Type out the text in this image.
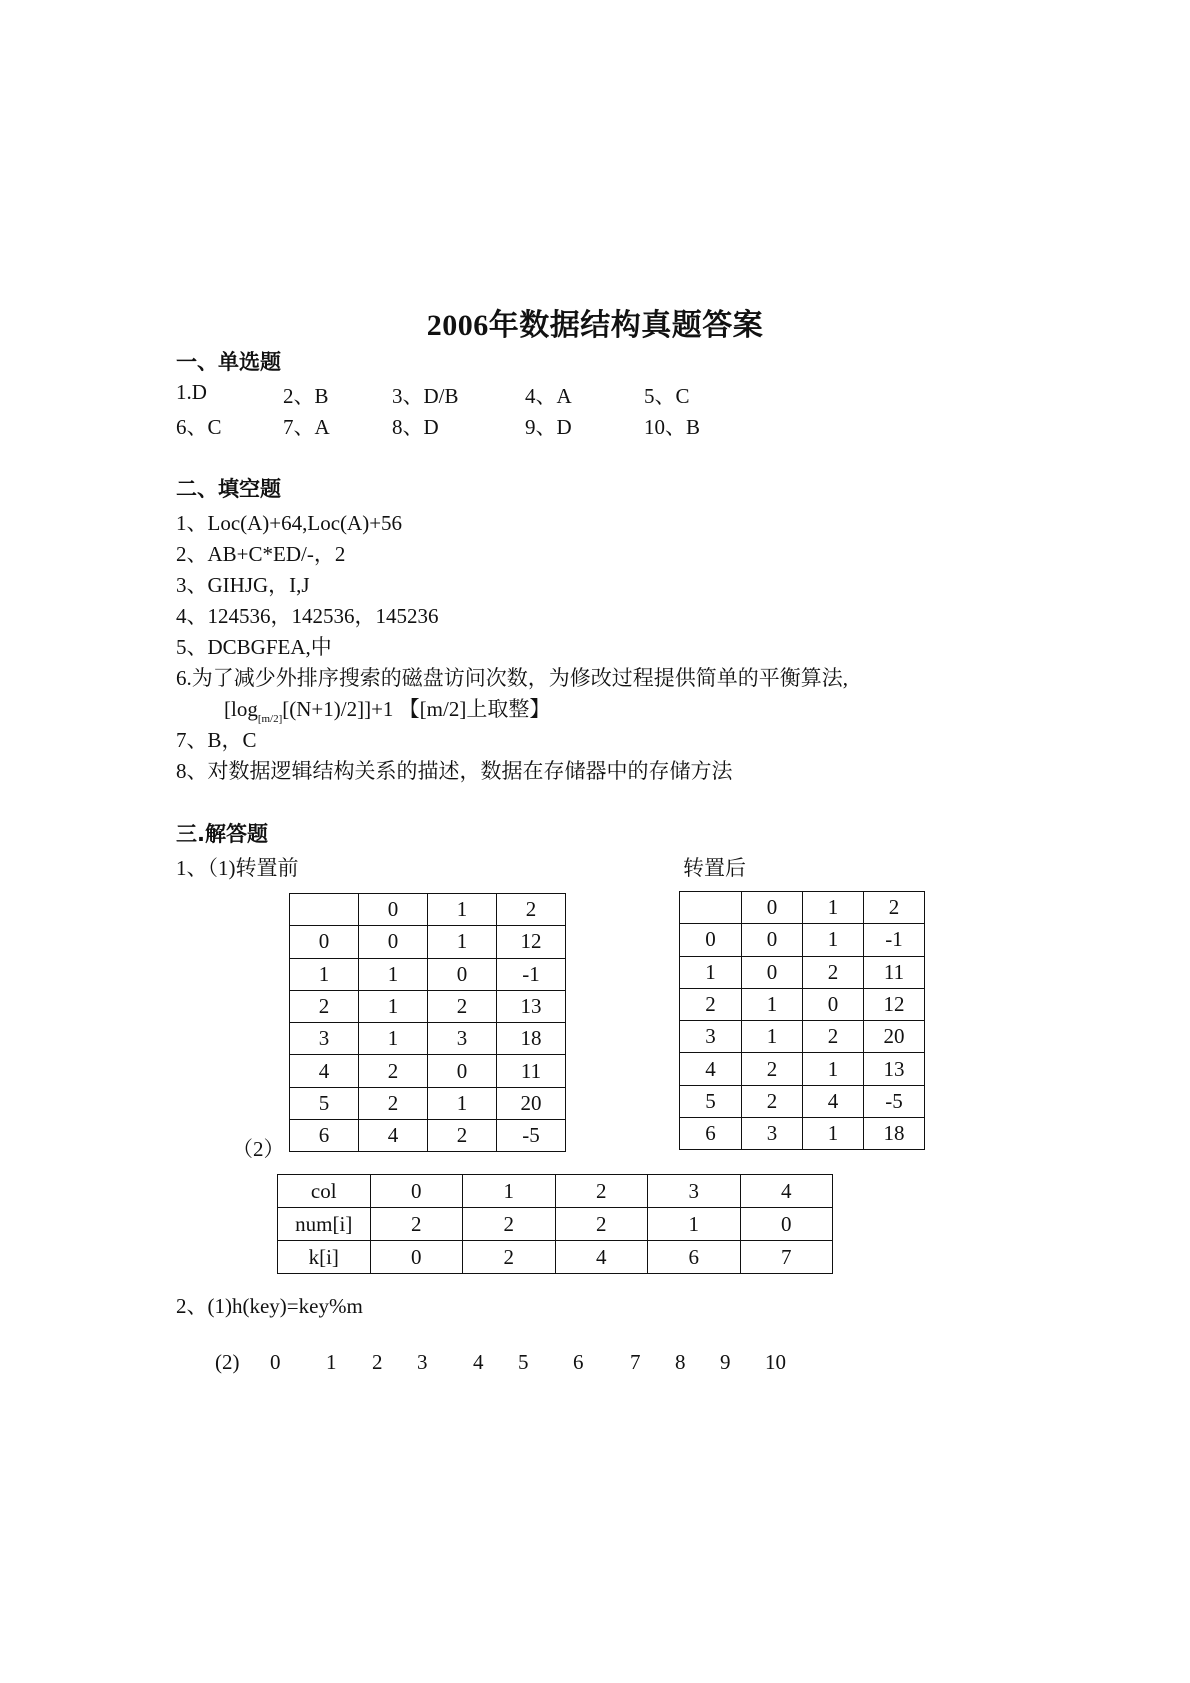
2006年数据结构真题答案
一、单选题
1.D	2、B	3、D/B	4、A	5、C
6、C	7、A	8、D	9、D	10、B
二、填空题
1、Loc(A)+64,Loc(A)+56
2、AB+C*ED/-，2
3、GIHJG，I,J
4、124536，142536，145236
5、DCBGFEA,中
6.为了减少外排序搜索的磁盘访问次数，为修改过程提供简单的平衡算法,
$[\log_{[m/2]}[(N+1)/2]]+1$ 【[m/2]上取整】
7、B，C
8、对数据逻辑结构关系的描述，数据在存储器中的存储方法
三.解答题
1、（1)转置前	转置后
	0	1	2
0	0	1	12
1	1	0	-1
2	1	2	13
3	1	3	18
4	2	0	11
5	2	1	20
6	4	2	-5
	0	1	2
0	0	1	-1
1	0	2	11
2	1	0	12
3	1	2	20
4	2	1	13
5	2	4	-5
6	3	1	18
（2）
col	0	1	2	3	4
num[i]	2	2	2	1	0
k[i]	0	2	4	6	7
2、(1)h(key)=key%m
(2) 0 1 2 3 4 5 6 7 8 9 10
